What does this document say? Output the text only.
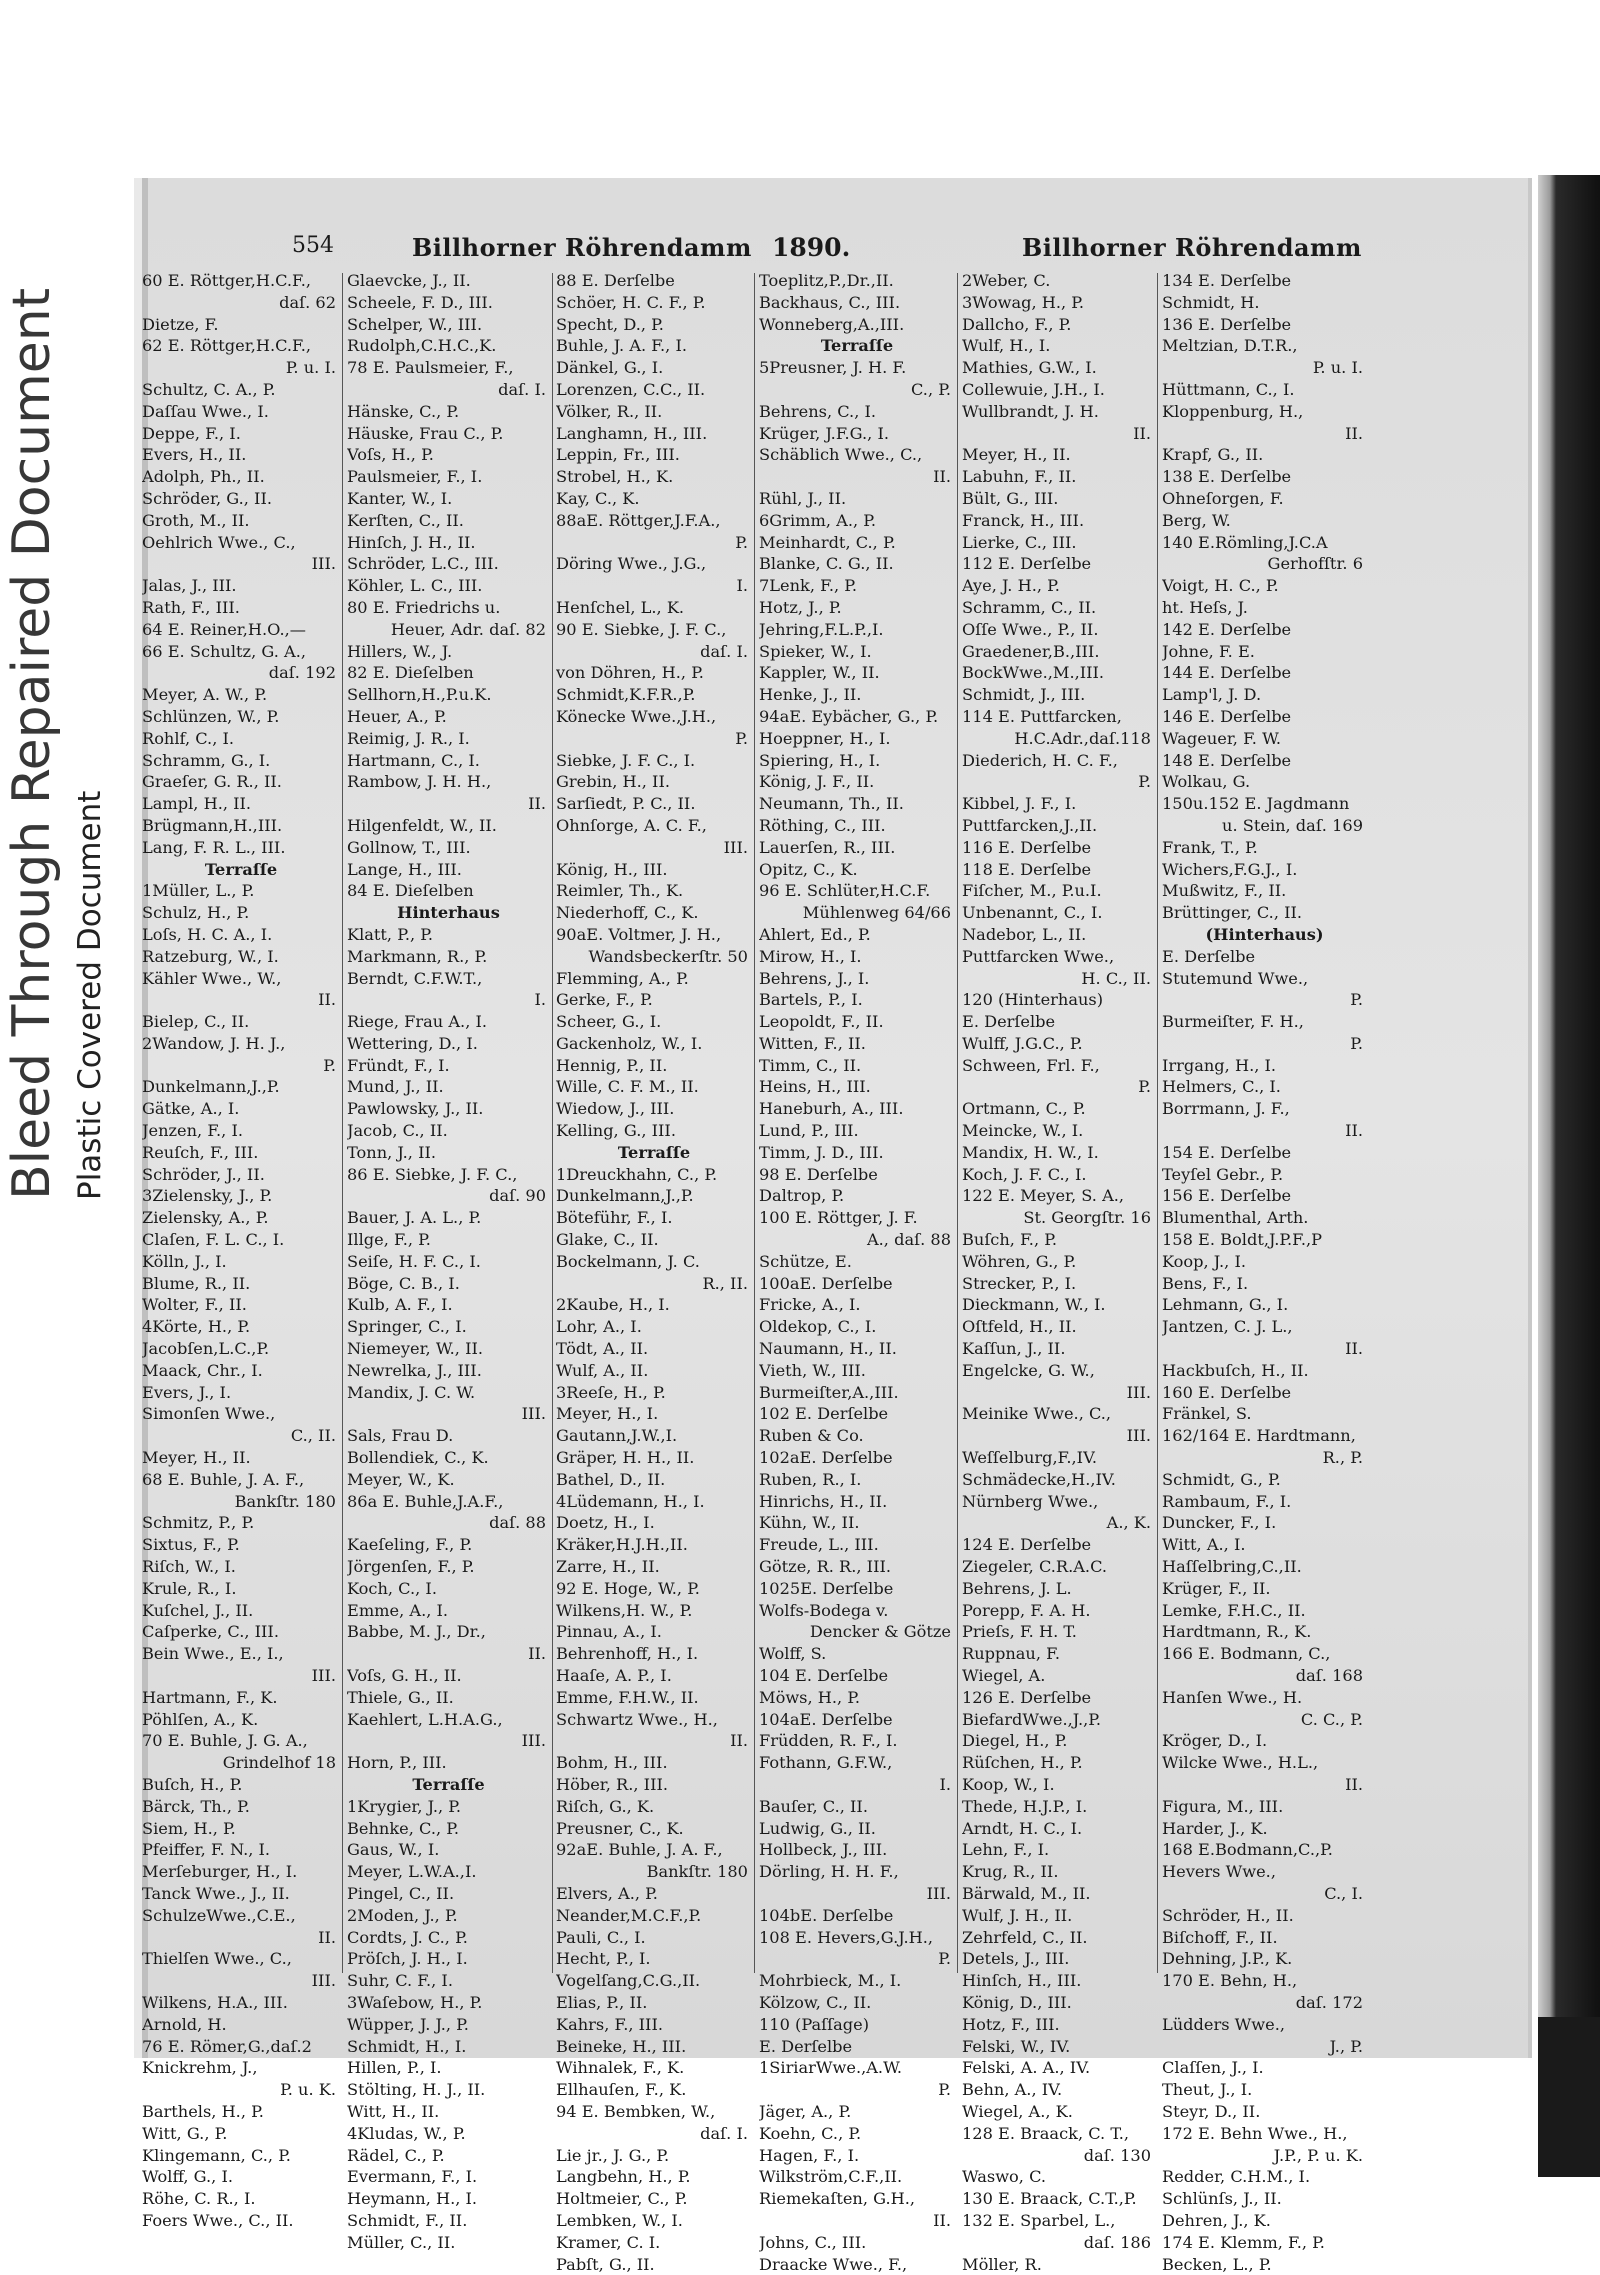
Bleed Through Repaired Document Plastic Covered Document
554	Billhorner Röhrendamm 1890.	Billhorner Röhrendamm
60 E. Röttger,H.C.F.,
daſ. 62
Dietze, F.
62 E. Röttger,H.C.F.,
P. u. I.
Schultz, C. A., P.
Daſſau Wwe., I.
Deppe, F., I.
Evers, H., II.
Adolph, Ph., II.
Schröder, G., II.
Groth, M., II.
Oehlrich Wwe., C.,
III.
Jalas, J., III.
Rath, F., III.
64 E. Reiner,H.O.,—
66 E. Schultz, G. A.,
daſ. 192
Meyer, A. W., P.
Schlünzen, W., P.
Rohlf, C., I.
Schramm, G., I.
Graeſer, G. R., II.
Lampl, H., II.
Brügmann,H.,III.
Lang, F. R. L., III.
Terraſſe
1Müller, L., P.
Schulz, H., P.
Loſs, H. C. A., I.
Ratzeburg, W., I.
Kähler Wwe., W.,
II.
Bielep, C., II.
2Wandow, J. H. J.,
P.
Dunkelmann,J.,P.
Gätke, A., I.
Jenzen, F., I.
Reuſch, F., III.
Schröder, J., II.
3Zielensky, J., P.
Zielensky, A., P.
Claſen, F. L. C., I.
Kölln, J., I.
Blume, R., II.
Wolter, F., II.
4Körte, H., P.
Jacobſen,L.C.,P.
Maack, Chr., I.
Evers, J., I.
Simonſen Wwe.,
C., II.
Meyer, H., II.
68 E. Buhle, J. A. F.,
Bankſtr. 180
Schmitz, P., P.
Sixtus, F., P.
Riſch, W., I.
Krule, R., I.
Kuſchel, J., II.
Caſperke, C., III.
Bein Wwe., E., I.,
III.
Hartmann, F., K.
Pöhlſen, A., K.
70 E. Buhle, J. G. A.,
Grindelhof 18
Buſch, H., P.
Bärck, Th., P.
Siem, H., P.
Pfeiffer, F. N., I.
Merſeburger, H., I.
Tanck Wwe., J., II.
SchulzeWwe.,C.E.,
II.
Thielſen Wwe., C.,
III.
Wilkens, H.A., III.
Arnold, H.
76 E. Römer,G.,daſ.2
Knickrehm, J.,
P. u. K.
Barthels, H., P.
Witt, G., P.
Klingemann, C., P.
Wolff, G., I.
Röhe, C. R., I.
Foers Wwe., C., II.
Glaevcke, J., II.
Scheele, F. D., III.
Schelper, W., III.
Rudolph,C.H.C.,K.
78 E. Paulsmeier, F.,
daſ. I.
Hänske, C., P.
Häuske, Frau C., P.
Voſs, H., P.
Paulsmeier, F., I.
Kanter, W., I.
Kerſten, C., II.
Hinſch, J. H., II.
Schröder, L.C., III.
Köhler, L. C., III.
80 E. Friedrichs u.
Heuer, Adr. daſ. 82
Hillers, W., J.
82 E. Dieſelben
Sellhorn,H.,P.u.K.
Heuer, A., P.
Reimig, J. R., I.
Hartmann, C., I.
Rambow, J. H. H.,
II.
Hilgenfeldt, W., II.
Gollnow, T., III.
Lange, H., III.
84 E. Dieſelben
Hinterhaus
Klatt, P., P.
Markmann, R., P.
Berndt, C.F.W.T.,
I.
Riege, Frau A., I.
Wettering, D., I.
Fründt, F., I.
Mund, J., II.
Pawlowsky, J., II.
Jacob, C., II.
Tonn, J., II.
86 E. Siebke, J. F. C.,
daſ. 90
Bauer, J. A. L., P.
Illge, F., P.
Seiſe, H. F. C., I.
Böge, C. B., I.
Kulb, A. F., I.
Springer, C., I.
Niemeyer, W., II.
Newrelka, J., III.
Mandix, J. C. W.
III.
Sals, Frau D.
Bollendiek, C., K.
Meyer, W., K.
86a E. Buhle,J.A.F.,
daſ. 88
Kaeſeling, F., P.
Jörgenſen, F., P.
Koch, C., I.
Emme, A., I.
Babbe, M. J., Dr.,
II.
Voſs, G. H., II.
Thiele, G., II.
Kaehlert, L.H.A.G.,
III.
Horn, P., III.
Terraſſe
1Krygier, J., P.
Behnke, C., P.
Gaus, W., I.
Meyer, L.W.A.,I.
Pingel, C., II.
2Moden, J., P.
Cordts, J. C., P.
Pröſch, J. H., I.
Suhr, C. F., I.
3Waſebow, H., P.
Wüpper, J. J., P.
Schmidt, H., I.
Hillen, P., I.
Stölting, H. J., II.
Witt, H., II.
4Kludas, W., P.
Rädel, C., P.
Evermann, F., I.
Heymann, H., I.
Schmidt, F., II.
Müller, C., II.
88 E. Derſelbe
Schöer, H. C. F., P.
Specht, D., P.
Buhle, J. A. F., I.
Dänkel, G., I.
Lorenzen, C.C., II.
Völker, R., II.
Langhamn, H., III.
Leppin, Fr., III.
Strobel, H., K.
Kay, C., K.
88aE. Röttger,J.F.A.,
P.
Döring Wwe., J.G.,
I.
Henſchel, L., K.
90 E. Siebke, J. F. C.,
daſ. I.
von Döhren, H., P.
Schmidt,K.F.R.,P.
Könecke Wwe.,J.H.,
P.
Siebke, J. F. C., I.
Grebin, H., II.
Sarſiedt, P. C., II.
Ohnſorge, A. C. F.,
III.
König, H., III.
Reimler, Th., K.
Niederhoff, C., K.
90aE. Voltmer, J. H.,
Wandsbeckerſtr. 50
Flemming, A., P.
Gerke, F., P.
Scheer, G., I.
Gackenholz, W., I.
Hennig, P., II.
Wille, C. F. M., II.
Wiedow, J., III.
Kelling, G., III.
Terraſſe
1Dreuckhahn, C., P.
Dunkelmann,J.,P.
Böteführ, F., I.
Glake, C., II.
Bockelmann, J. C.
R., II.
2Kaube, H., I.
Lohr, A., I.
Tödt, A., II.
Wulf, A., II.
3Reeſe, H., P.
Meyer, H., I.
Gautann,J.W.,I.
Gräper, H. H., II.
Bathel, D., II.
4Lüdemann, H., I.
Doetz, H., I.
Kräker,H.J.H.,II.
Zarre, H., II.
92 E. Hoge, W., P.
Wilkens,H. W., P.
Pinnau, A., I.
Behrenhoff, H., I.
Haaſe, A. P., I.
Emme, F.H.W., II.
Schwartz Wwe., H.,
II.
Bohm, H., III.
Höber, R., III.
Riſch, G., K.
Preusner, C., K.
92aE. Buhle, J. A. F.,
Bankſtr. 180
Elvers, A., P.
Neander,M.C.F.,P.
Pauli, C., I.
Hecht, P., I.
Vogelſang,C.G.,II.
Elias, P., II.
Kahrs, F., III.
Beineke, H., III.
Wihnalek, F., K.
Ellhauſen, F., K.
94 E. Bembken, W.,
daſ. I.
Lie jr., J. G., P.
Langbehn, H., P.
Holtmeier, C., P.
Lembken, W., I.
Kramer, C. I.
Pabſt, G., II.
Toeplitz,P.,Dr.,II.
Backhaus, C., III.
Wonneberg,A.,III.
Terraſſe
5Preusner, J. H. F.
C., P.
Behrens, C., I.
Krüger, J.F.G., I.
Schäblich Wwe., C.,
II.
Rühl, J., II.
6Grimm, A., P.
Meinhardt, C., P.
Blanke, C. G., II.
7Lenk, F., P.
Hotz, J., P.
Jehring,F.L.P.,I.
Spieker, W., I.
Kappler, W., II.
Henke, J., II.
94aE. Eybächer, G., P.
Hoeppner, H., I.
Spiering, H., I.
König, J. F., II.
Neumann, Th., II.
Röthing, C., III.
Lauerſen, R., III.
Opitz, C., K.
96 E. Schlüter,H.C.F.
Mühlenweg 64/66
Ahlert, Ed., P.
Mirow, H., I.
Behrens, J., I.
Bartels, P., I.
Leopoldt, F., II.
Witten, F., II.
Timm, C., II.
Heins, H., III.
Haneburh, A., III.
Lund, P., III.
Timm, J. D., III.
98 E. Derſelbe
Daltrop, P.
100 E. Röttger, J. F.
A., daſ. 88
Schütze, E.
100aE. Derſelbe
Fricke, A., I.
Oldekop, C., I.
Naumann, H., II.
Vieth, W., III.
Burmeiſter,A.,III.
102 E. Derſelbe
Ruben & Co.
102aE. Derſelbe
Ruben, R., I.
Hinrichs, H., II.
Kühn, W., II.
Freude, L., III.
Götze, R. R., III.
1025E. Derſelbe
Wolfs-Bodega v.
Dencker & Götze
Wolff, S.
104 E. Derſelbe
Möws, H., P.
104aE. Derſelbe
Früdden, R. F., I.
Fothann, G.F.W.,
I.
Bauſer, C., II.
Ludwig, G., II.
Hollbeck, J., III.
Dörling, H. H. F.,
III.
104bE. Derſelbe
108 E. Hevers,G.J.H.,
P.
Mohrbieck, M., I.
Kölzow, C., II.
110 (Paſſage)
E. Derſelbe
1SiriarWwe.,A.W.
P.
Jäger, A., P.
Koehn, C., P.
Hagen, F., I.
Wilkström,C.F.,II.
Riemekaſten, G.H.,
II.
Johns, C., III.
Draacke Wwe., F.,
2Weber, C.
3Wowag, H., P.
Dallcho, F., P.
Wulf, H., I.
Mathies, G.W., I.
Collewuie, J.H., I.
Wullbrandt, J. H.
II.
Meyer, H., II.
Labuhn, F., II.
Bült, G., III.
Franck, H., III.
Lierke, C., III.
112 E. Derſelbe
Aye, J. H., P.
Schramm, C., II.
Oſſe Wwe., P., II.
Graedener,B.,III.
BockWwe.,M.,III.
Schmidt, J., III.
114 E. Puttfarcken,
H.C.Adr.,daſ.118
Diederich, H. C. F.,
P.
Kibbel, J. F., I.
Puttfarcken,J.,II.
116 E. Derſelbe
118 E. Derſelbe
Fiſcher, M., P.u.I.
Unbenannt, C., I.
Nadebor, L., II.
Puttfarcken Wwe.,
H. C., II.
120 (Hinterhaus)
E. Derſelbe
Wulff, J.G.C., P.
Schween, Frl. F.,
P.
Ortmann, C., P.
Meincke, W., I.
Mandix, H. W., I.
Koch, J. F. C., I.
122 E. Meyer, S. A.,
St. Georgſtr. 16
Buſch, F., P.
Wöhren, G., P.
Strecker, P., I.
Dieckmann, W., I.
Oſtfeld, H., II.
Kaſſun, J., II.
Engelcke, G. W.,
III.
Meinike Wwe., C.,
III.
Weſſelburg,F.,IV.
Schmädecke,H.,IV.
Nürnberg Wwe.,
A., K.
124 E. Derſelbe
Ziegeler, C.R.A.C.
Behrens, J. L.
Porepp, F. A. H.
Prieſs, F. H. T.
Ruppnau, F.
Wiegel, A.
126 E. Derſelbe
BiefardWwe.,J.,P.
Diegel, H., P.
Rüſchen, H., P.
Koop, W., I.
Thede, H.J.P., I.
Arndt, H. C., I.
Lehn, F., I.
Krug, R., II.
Bärwald, M., II.
Wulf, J. H., II.
Zehrfeld, C., II.
Detels, J., III.
Hinſch, H., III.
König, D., III.
Hotz, F., III.
Felski, W., IV.
Felski, A. A., IV.
Behn, A., IV.
Wiegel, A., K.
128 E. Braack, C. T.,
daſ. 130
Waswo, C.
130 E. Braack, C.T.,P.
132 E. Sparbel, L.,
daſ. 186
Möller, R.
134 E. Derſelbe
Schmidt, H.
136 E. Derſelbe
Meltzian, D.T.R.,
P. u. I.
Hüttmann, C., I.
Kloppenburg, H.,
II.
Krapf, G., II.
138 E. Derſelbe
Ohneſorgen, F.
Berg, W.
140 E.Römling,J.C.A
Gerhofſtr. 6
Voigt, H. C., P.
ht. Heſs, J.
142 E. Derſelbe
Johne, F. E.
144 E. Derſelbe
Lamp'l, J. D.
146 E. Derſelbe
Wageuer, F. W.
148 E. Derſelbe
Wolkau, G.
150u.152 E. Jagdmann
u. Stein, daſ. 169
Frank, T., P.
Wichers,F.G.J., I.
Mußwitz, F., II.
Brüttinger, C., II.
(Hinterhaus)
E. Derſelbe
Stutemund Wwe.,
P.
Burmeiſter, F. H.,
P.
Irrgang, H., I.
Helmers, C., I.
Borrmann, J. F.,
II.
154 E. Derſelbe
Teyſel Gebr., P.
156 E. Derſelbe
Blumenthal, Arth.
158 E. Boldt,J.P.F.,P
Koop, J., I.
Bens, F., I.
Lehmann, G., I.
Jantzen, C. J. L.,
II.
Hackbuſch, H., II.
160 E. Derſelbe
Fränkel, S.
162/164 E. Hardtmann,
R., P.
Schmidt, G., P.
Rambaum, F., I.
Duncker, F., I.
Witt, A., I.
Haſſelbring,C.,II.
Krüger, F., II.
Lemke, F.H.C., II.
Hardtmann, R., K.
166 E. Bodmann, C.,
daſ. 168
Hanſen Wwe., H.
C. C., P.
Kröger, D., I.
Wilcke Wwe., H.L.,
II.
Figura, M., III.
Harder, J., K.
168 E.Bodmann,C.,P.
Hevers Wwe.,
C., I.
Schröder, H., II.
Biſchoff, F., II.
Dehning, J.P., K.
170 E. Behn, H.,
daſ. 172
Lüdders Wwe.,
J., P.
Claſſen, J., I.
Theut, J., I.
Steyr, D., II.
172 E. Behn Wwe., H.,
J.P., P. u. K.
Redder, C.H.M., I.
Schlünſs, J., II.
Dehren, J., K.
174 E. Klemm, F., P.
Becken, L., P.
